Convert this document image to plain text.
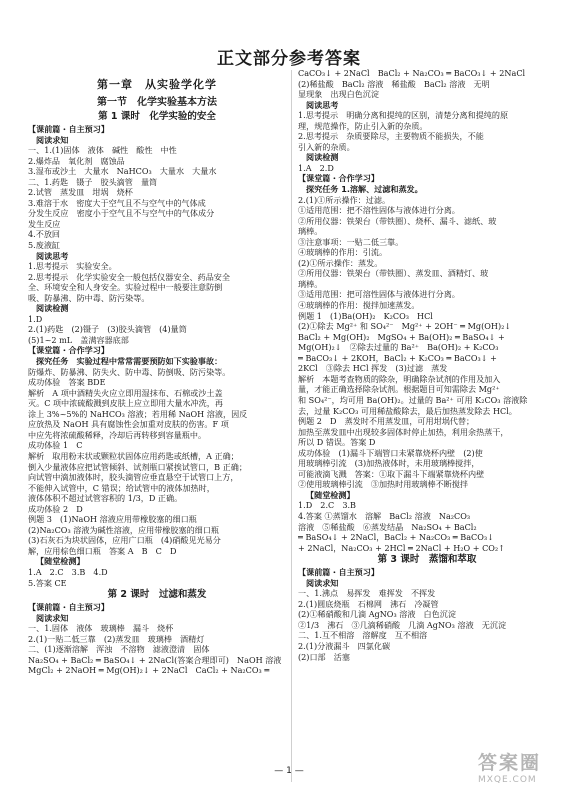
正文部分参考答案
第一章　从实验学化学
第一节　化学实验基本方法
第 1 课时　化学实验的安全
【课前篇・自主预习】
阅读求知
一、1.(1)固体　液体　碱性　酸性　中性
2.爆炸品　氧化剂　腐蚀品
3.湿布或沙土　大量水　NaHCO₃　大量水　大量水
二、1.药匙　镊子　胶头滴管　量筒
2.试管　蒸发皿　坩埚　烧杯
3.难溶于水　密度大于空气且不与空气中的气体成
分发生反应　密度小于空气且不与空气中的气体成分
发生反应
4.不放回
5.废液缸
阅读思考
1.思考提示　实验安全。
2.思考提示　化学实验安全一般包括仪器安全、药品安全
全、环境安全和人身安全。实验过程中一般要注意防倒
吸、防暴沸、防中毒、防污染等。
阅读检测
1.D
2.(1)药匙　(2)镊子　(3)胶头滴管　(4)量筒
(5)1~2 mL　盖满容器底部
【课堂篇・合作学习】
探究任务　实验过程中常常需要预防如下实验事故：
防爆炸、防暴沸、防失火、防中毒、防倒吸、防污染等。
成功体验　答案 BDE
解析　A 项中酒精失火应立即用湿抹布、石棉或沙土盖
灭。C 项中浓硫酸溅到皮肤上应立即用大量水冲洗，再
涂上 3%~5%的 NaHCO₃ 溶液；若用稀 NaOH 溶液，因反
应放热及 NaOH 具有腐蚀性会加重对皮肤的伤害。F 项
中应先将浓硫酸稀释，冷却后再转移到容量瓶中。
成功体验 1　C
解析　取用粉末状或颗粒状固体应用药匙或纸槽，A 正确；
倒入少量液体应把试管倾斜、试剂瓶口紧挨试管口，B 正确；
向试管中滴加液体时，胶头滴管应垂直悬空于试管口上方，
不能伸入试管中，C 错误；给试管中的液体加热时，
液体体积不超过试管容积的 1/3，D 正确。
成功体验 2　D
例题 3　(1)NaOH 溶液应用带橡胶塞的细口瓶
(2)Na₂CO₃ 溶液为碱性溶液，应用带橡胶塞的细口瓶
(3)石灰石为块状固体，应用广口瓶　(4)硝酸见光易分
解，应用棕色细口瓶　答案 A　B　C　D
【随堂检测】
1.A　2.C　3.B　4.D
5.答案 CE
第 2 课时　过滤和蒸发
【课前篇・自主预习】
阅读求知
一、1.固体　液体　玻璃棒　漏斗　烧杯
2.(1)一贴二低三靠　(2)蒸发皿　玻璃棒　酒精灯
二、(1)逐渐溶解　浑浊　不溶物　滤液澄清　固体
Na₂SO₄ + BaCl₂ ═ BaSO₄↓ + 2NaCl(答案合理即可)　NaOH 溶液
MgCl₂ + 2NaOH ═ Mg(OH)₂↓ + 2NaCl　CaCl₂ + Na₂CO₃ ═
CaCO₃↓ + 2NaCl　BaCl₂ + Na₂CO₃ ═ BaCO₃↓ + 2NaCl
(2)稀盐酸　BaCl₂ 溶液　稀盐酸　BaCl₂ 溶液　无明
显现象　出现白色沉淀
阅读思考
1.思考提示　明确分离和提纯的区别，清楚分离和提纯的原
理，规范操作，防止引入新的杂质。
2.思考提示　杂质要除尽，主要物质不能损失，不能
引入新的杂质。
阅读检测
1.A　2.D
【课堂篇・合作学习】
探究任务 1.溶解、过滤和蒸发。
2.(1)①所示操作：过滤。
①适用范围：把不溶性固体与液体进行分离。
②所用仪器：铁架台（带铁圈）、烧杯、漏斗、滤纸、玻
璃棒。
③注意事项：一贴二低三靠。
④玻璃棒的作用：引流。
(2)①所示操作：蒸发。
②所用仪器：铁架台（带铁圈）、蒸发皿、酒精灯、玻
璃棒。
③适用范围：把可溶性固体与液体进行分离。
④玻璃棒的作用：搅拌加速蒸发。
例题 1　(1)Ba(OH)₂　K₂CO₃　HCl
(2)①除去 Mg²⁺ 和 SO₄²⁻　Mg²⁺ + 2OH⁻ ═ Mg(OH)₂↓
BaCl₂ + Mg(OH)₂　MgSO₄ + Ba(OH)₂ ═ BaSO₄↓ +
Mg(OH)₂↓　②除去过量的 Ba²⁺　Ba(OH)₂ + K₂CO₃
═ BaCO₃↓ + 2KOH，BaCl₂ + K₂CO₃ ═ BaCO₃↓ +
2KCl　③除去 HCl 挥发　(3)过滤　蒸发
解析　本题考查物质的除杂，明确除杂试剂的作用及加入
量，才能正确选择除杂试剂。根据题目可知需除去 Mg²⁺
和 SO₄²⁻，均可用 Ba(OH)₂。过量的 Ba²⁺ 可用 K₂CO₃ 溶液除
去，过量 K₂CO₃ 可用稀盐酸除去，最后加热蒸发除去 HCl。
例题 2　D　蒸发时不用蒸发皿，可用坩埚代替；
加热至蒸发皿中出现较多固体时停止加热，利用余热蒸干，
所以 D 错误。答案 D
成功体验　(1)漏斗下端管口未紧靠烧杯内壁　(2)使
用玻璃棒引流　(3)加热液体时，未用玻璃棒搅拌，
可能液滴飞溅　答案：①取下漏斗下端紧靠烧杯内壁
②使用玻璃棒引流　③加热时用玻璃棒不断搅拌
【随堂检测】
1.D　2.C　3.B
4.答案 ①蒸馏水　溶解　BaCl₂ 溶液　Na₂CO₃
溶液　⑤稀盐酸　⑥蒸发结晶　Na₂SO₄ + BaCl₂
═ BaSO₄↓ + 2NaCl，BaCl₂ + Na₂CO₃ ═ BaCO₃↓
+ 2NaCl，Na₂CO₃ + 2HCl ═ 2NaCl + H₂O + CO₂↑
第 3 课时　蒸馏和萃取
【课前篇・自主预习】
阅读求知
一、1.沸点　易挥发　难挥发　不挥发
2.(1)圆底烧瓶　石棉网　沸石　冷凝管
(2)①稀硝酸和几滴 AgNO₃ 溶液　白色沉淀
②1/3　沸石　③几滴稀硝酸　几滴 AgNO₃ 溶液　无沉淀
二、1.互不相溶　溶解度　互不相溶
2.(1)分液漏斗　四氯化碳
(2)口部　活塞
— 1 —	答案圈
MXQE.COM
